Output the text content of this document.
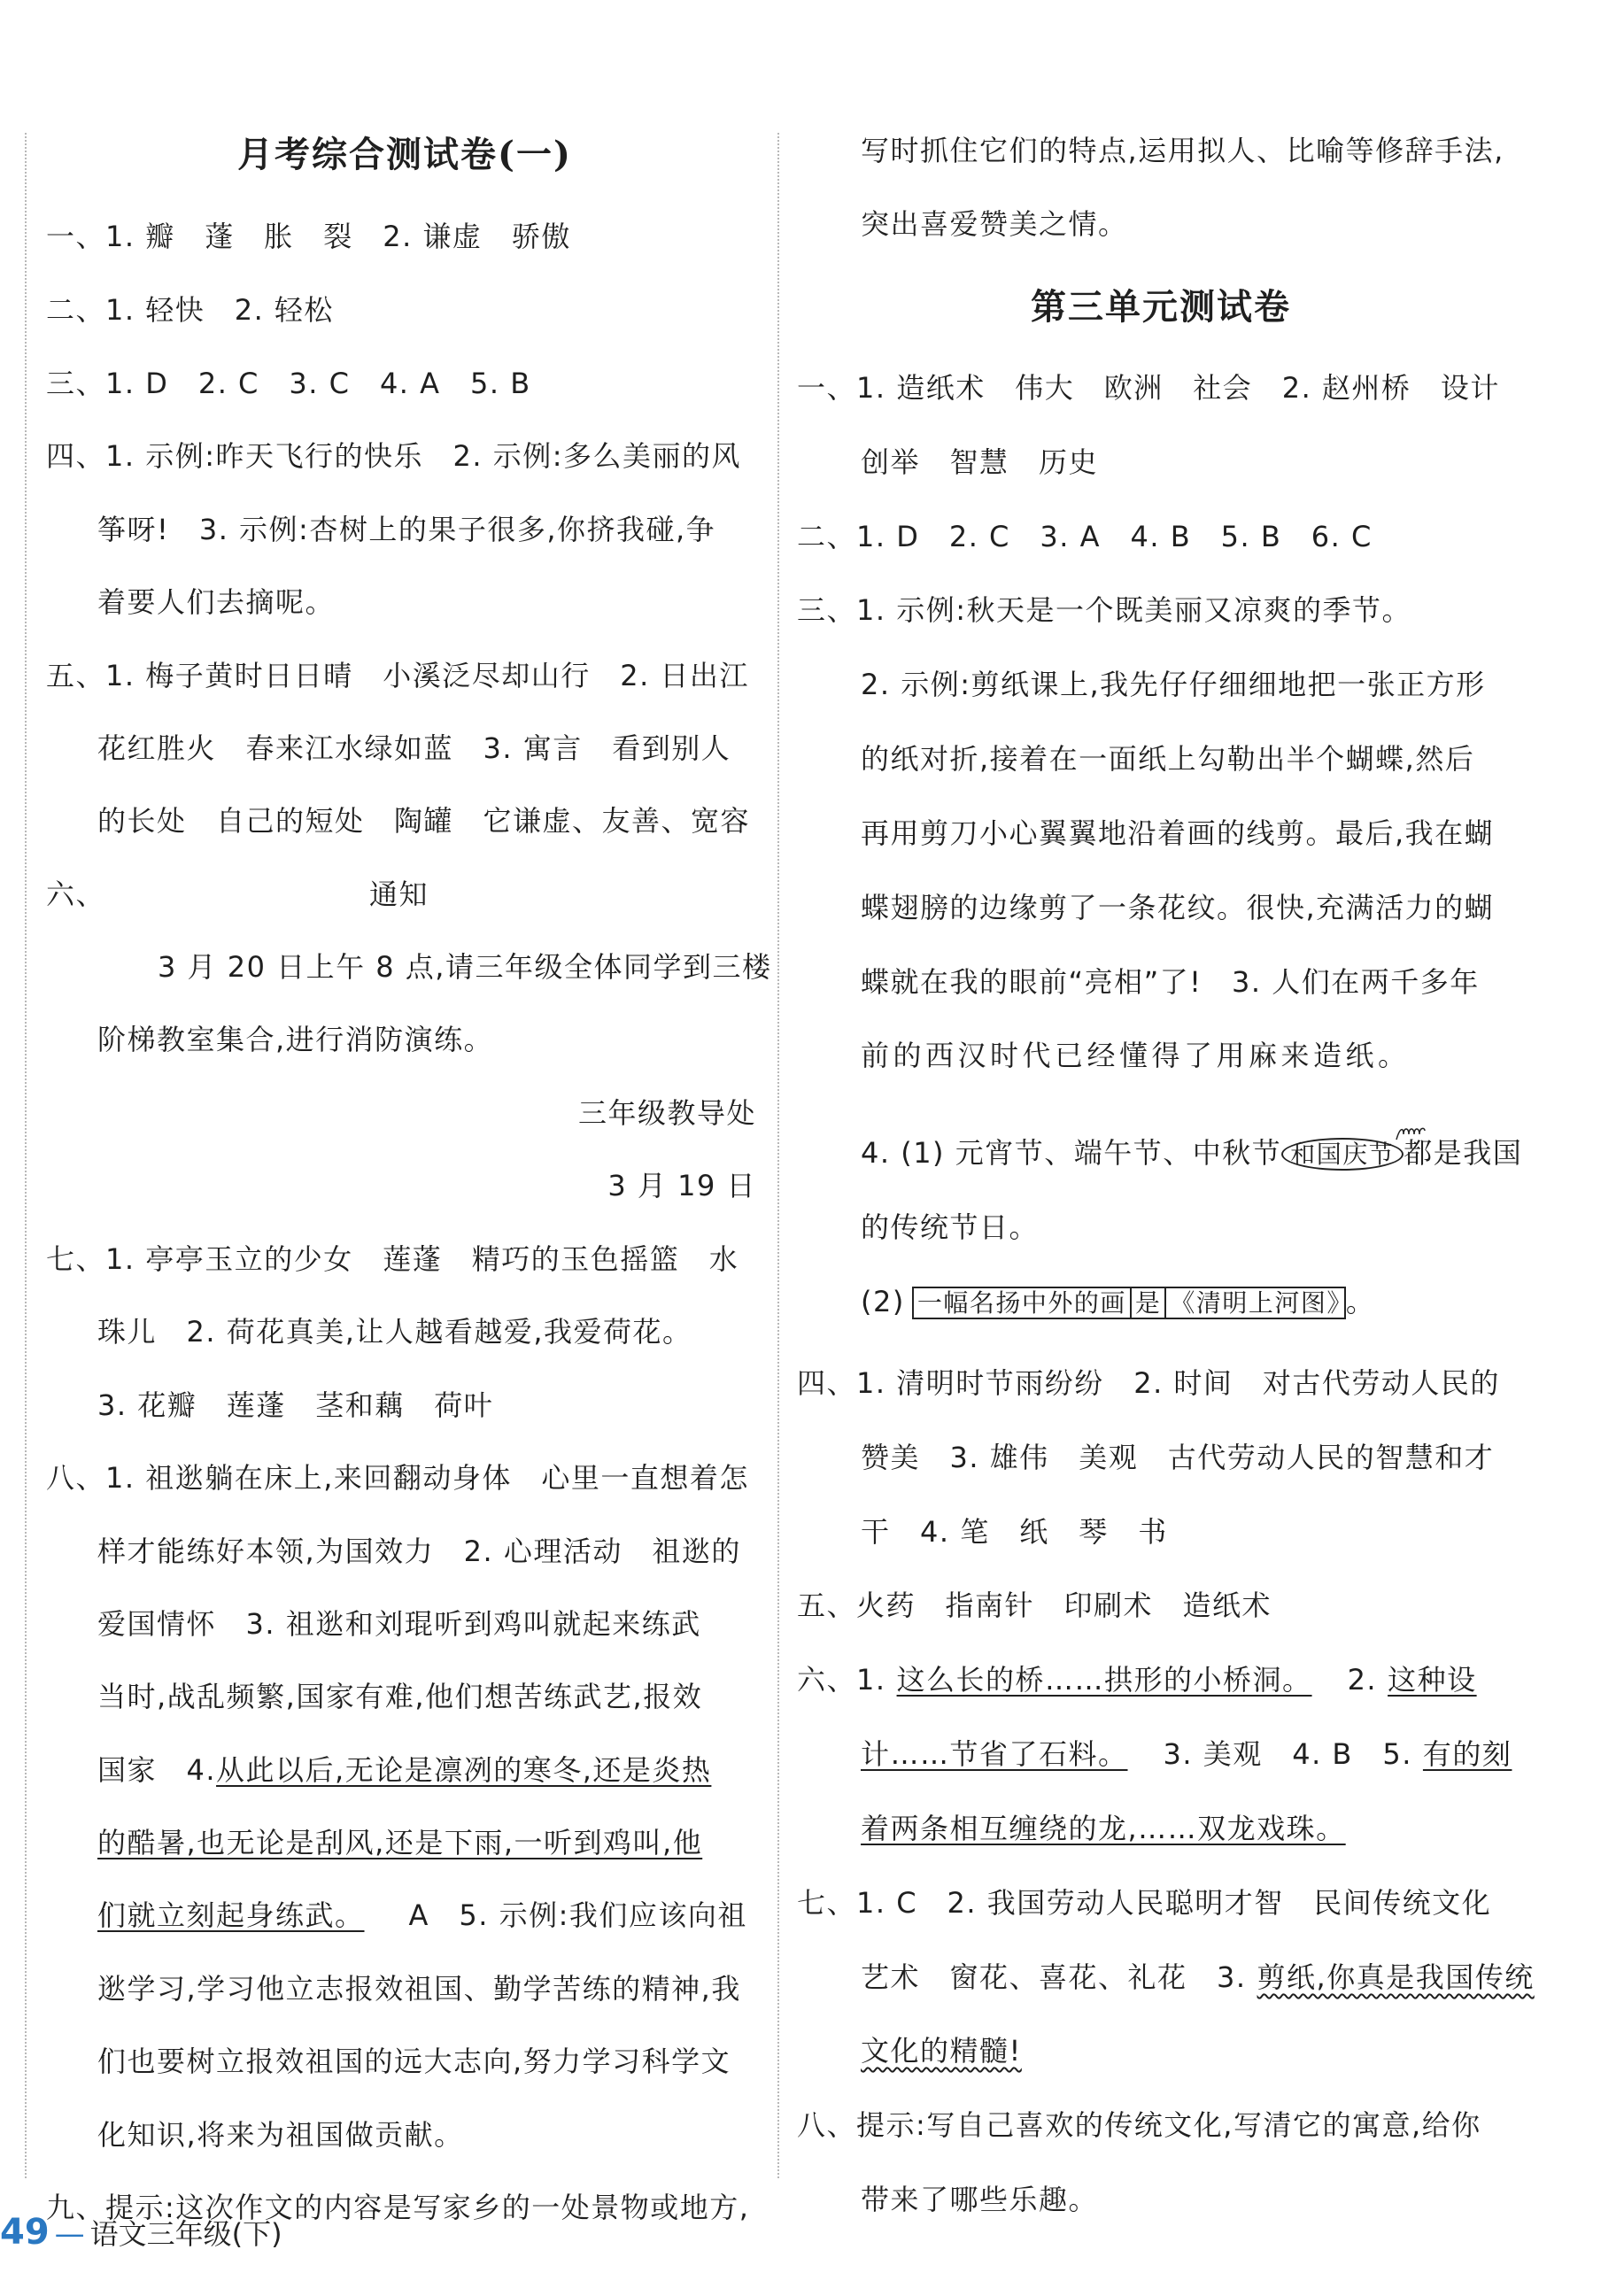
月考综合测试卷(一)
一、1. 瓣　蓬　胀　裂　2. 谦虚　骄傲
二、1. 轻快　2. 轻松
三、1. D　2. C　3. C　4. A　5. B
四、1. 示例:昨天飞行的快乐　2. 示例:多么美丽的风
筝呀!　3. 示例:杏树上的果子很多,你挤我碰,争
着要人们去摘呢。
五、1. 梅子黄时日日晴　小溪泛尽却山行　2. 日出江
花红胜火　春来江水绿如蓝　3. 寓言　看到别人
的长处　自己的短处　陶罐　它谦虚、友善、宽容
六、	通知
3 月 20 日上午 8 点,请三年级全体同学到三楼
阶梯教室集合,进行消防演练。
三年级教导处
3 月 19 日
七、1. 亭亭玉立的少女　莲蓬　精巧的玉色摇篮　水
珠儿　2. 荷花真美,让人越看越爱,我爱荷花。
3. 花瓣　莲蓬　茎和藕　荷叶
八、1. 祖逖躺在床上,来回翻动身体　心里一直想着怎
样才能练好本领,为国效力　2. 心理活动　祖逖的
爱国情怀　3. 祖逖和刘琨听到鸡叫就起来练武
当时,战乱频繁,国家有难,他们想苦练武艺,报效
国家　4.从此以后,无论是凛冽的寒冬,还是炎热
的酷暑,也无论是刮风,还是下雨,一听到鸡叫,他
们就立刻起身练武。 A　5. 示例:我们应该向祖
逖学习,学习他立志报效祖国、勤学苦练的精神,我
们也要树立报效祖国的远大志向,努力学习科学文
化知识,将来为祖国做贡献。
九、提示:这次作文的内容是写家乡的一处景物或地方,
写时抓住它们的特点,运用拟人、比喻等修辞手法,
突出喜爱赞美之情。
第三单元测试卷
一、1. 造纸术　伟大　欧洲　社会　2. 赵州桥　设计
创举　智慧　历史
二、1. D　2. C　3. A　4. B　5. B　6. C
三、1. 示例:秋天是一个既美丽又凉爽的季节。
2. 示例:剪纸课上,我先仔仔细细地把一张正方形
的纸对折,接着在一面纸上勾勒出半个蝴蝶,然后
再用剪刀小心翼翼地沿着画的线剪。最后,我在蝴
蝶翅膀的边缘剪了一条花纹。很快,充满活力的蝴
蝶就在我的眼前“亮相”了!　3. 人们在两千多年
前的西汉时代已经懂得了用麻来造纸。
4. (1) 元宵节、端午节、中秋节 和国庆节 都是我国
的传统节日。
(2) 一幅名扬中外的画 是 《清明上河图》 。
四、1. 清明时节雨纷纷　2. 时间　对古代劳动人民的
赞美　3. 雄伟　美观　古代劳动人民的智慧和才
干　4. 笔　纸　琴　书
五、火药　指南针　印刷术　造纸术
六、1. 这么长的桥……拱形的小桥洞。 2. 这种设
计……节省了石料。 3. 美观　4. B　5. 有的刻
着两条相互缠绕的龙,……双龙戏珠。
七、1. C　2. 我国劳动人民聪明才智　民间传统文化
艺术　窗花、喜花、礼花　3. 剪纸,你真是我国传统
文化的精髓!
八、提示:写自己喜欢的传统文化,写清它的寓意,给你
带来了哪些乐趣。
49 — 语文三年级(下)
